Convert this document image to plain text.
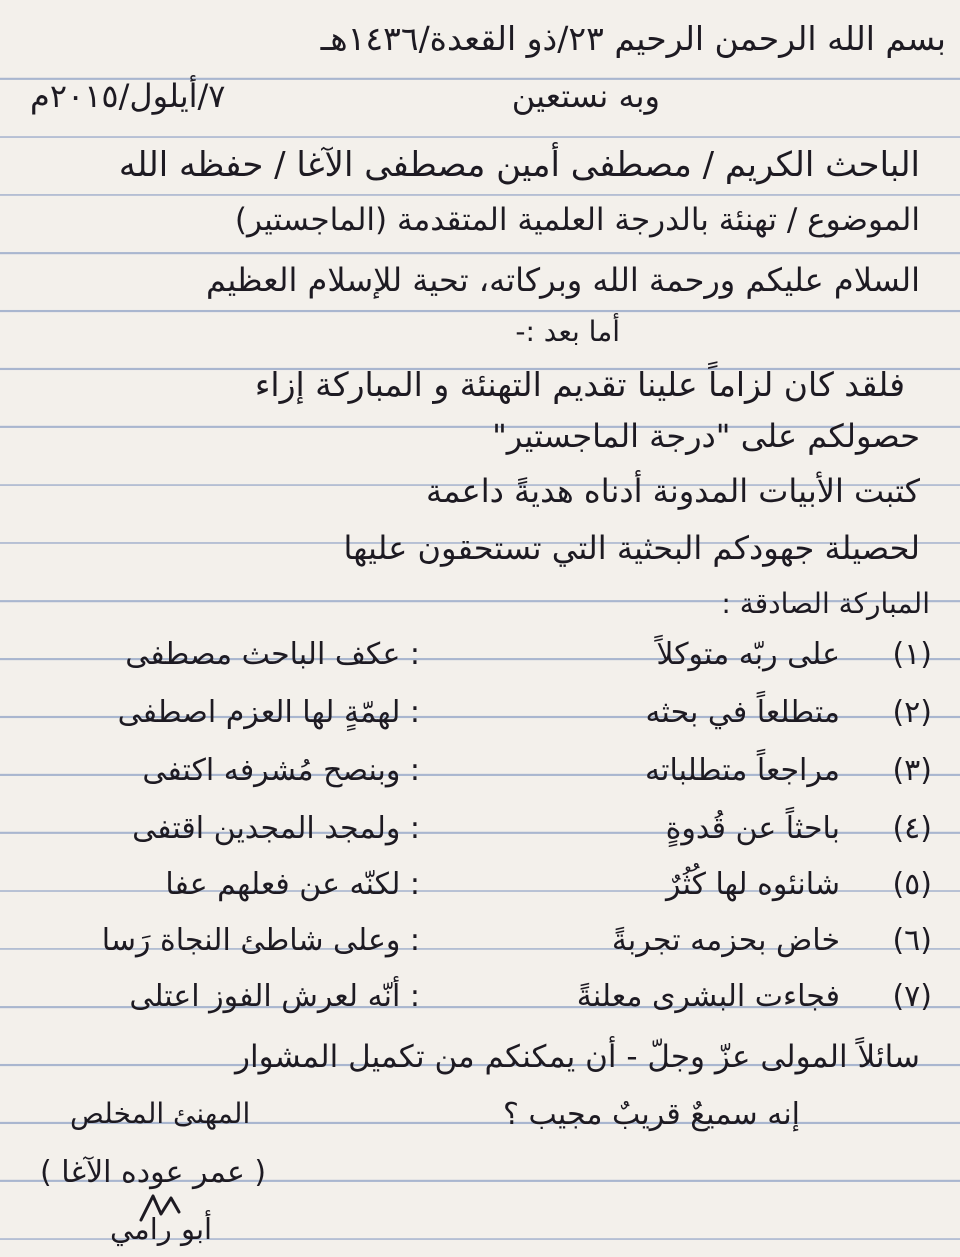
بسم الله الرحمن الرحيم ٢٣/ذو القعدة/١٤٣٦هـ
وبه نستعين
٧/أيلول/٢٠١٥م
الباحث الكريم / مصطفى أمين مصطفى الآغا / حفظه الله
الموضوع / تهنئة بالدرجة العلمية المتقدمة (الماجستير)
السلام عليكم ورحمة الله وبركاته، تحية للإسلام العظيم
أما بعد :-
فلقد كان لزاماً علينا تقديم التهنئة و المباركة إزاء
حصولكم على "درجة الماجستير"
كتبت الأبيات المدونة أدناه هديةً داعمة
لحصيلة جهودكم البحثية التي تستحقون عليها
المباركة الصادقة :
(١)
على ربّه متوكلاً
: عكف الباحث مصطفى
(٢)
متطلعاً في بحثه
: لهمّةٍ لها العزم اصطفى
(٣)
مراجعاً متطلباته
: وبنصح مُشرفه اكتفى
(٤)
باحثاً عن قُدوةٍ
: ولمجد المجدين اقتفى
(٥)
شانئوه لها كُثُرٌ
: لكنّه عن فعلهم عفا
(٦)
خاض بحزمه تجربةً
: وعلى شاطئ النجاة رَسا
(٧)
فجاءت البشرى معلنةً
: أنّه لعرش الفوز اعتلى
سائلاً المولى عزّ وجلّ - أن يمكنكم من تكميل المشوار
إنه سميعٌ قريبٌ مجيب ؟
المهنئ المخلص
( عمر عوده الآغا )
أبو رامي
